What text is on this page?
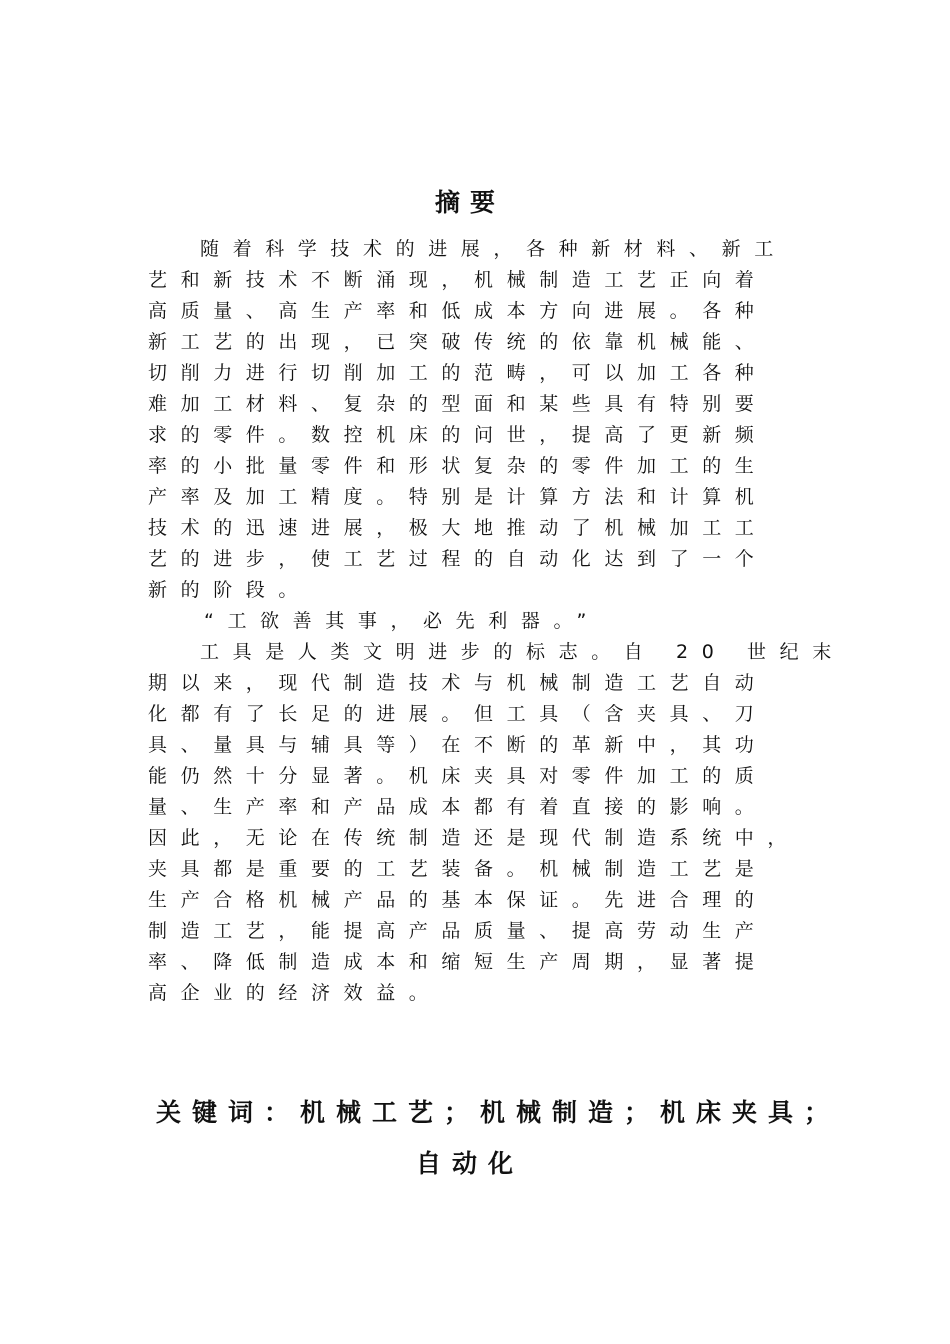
摘要
随着科学技术的进展，各种新材料、新工
艺和新技术不断涌现，机械制造工艺正向着
高质量、高生产率和低成本方向进展。各种
新工艺的出现，已突破传统的依靠机械能、
切削力进行切削加工的范畴，可以加工各种
难加工材料、复杂的型面和某些具有特别要
求的零件。数控机床的问世，提高了更新频
率的小批量零件和形状复杂的零件加工的生
产率及加工精度。特别是计算方法和计算机
技术的迅速进展，极大地推动了机械加工工
艺的进步，使工艺过程的自动化达到了一个
新的阶段。
“工欲善其事，必先利器。”
工具是人类文明进步的标志。自 20 世纪末
期以来，现代制造技术与机械制造工艺自动
化都有了长足的进展。但工具（含夹具、刀
具、量具与辅具等）在不断的革新中，其功
能仍然十分显著。机床夹具对零件加工的质
量、生产率和产品成本都有着直接的影响。
因此，无论在传统制造还是现代制造系统中，
夹具都是重要的工艺装备。机械制造工艺是
生产合格机械产品的基本保证。先进合理的
制造工艺，能提高产品质量、提高劳动生产
率、降低制造成本和缩短生产周期，显著提
高企业的经济效益。
关键词：机械工艺；机械制造；机床夹具；
自动化
